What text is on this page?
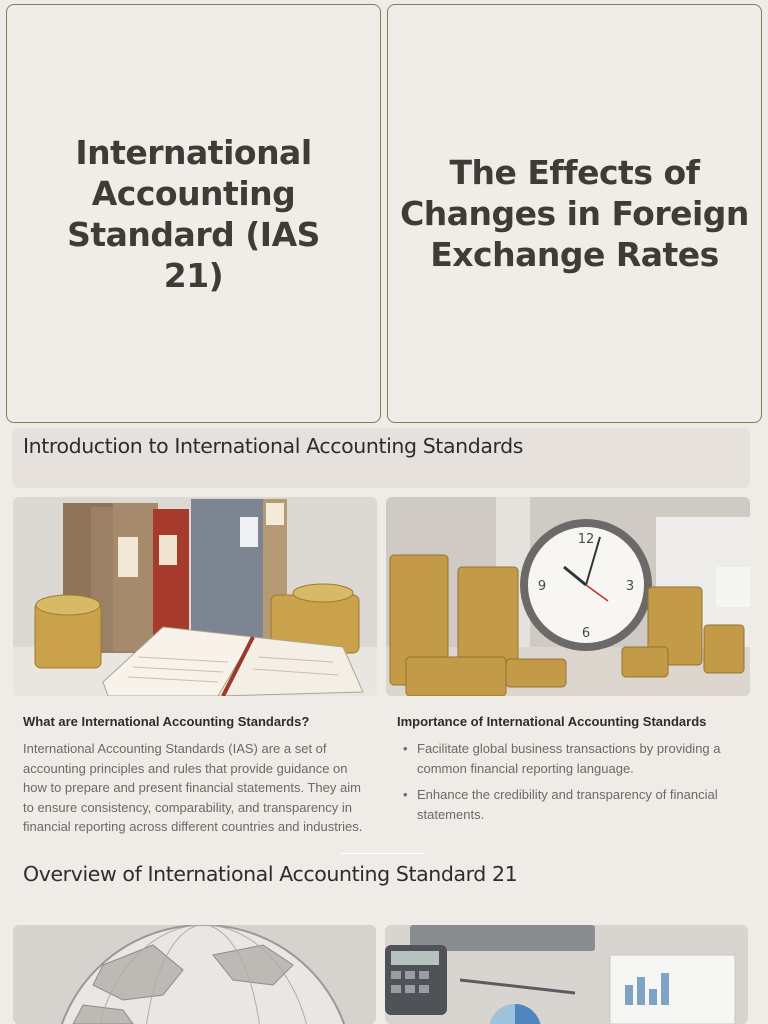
International Accounting Standard (IAS 21)
The Effects of Changes in Foreign Exchange Rates
Introduction to International Accounting Standards
12
3
6
9
What are International Accounting Standards?	Importance of International Accounting Standards
International Accounting Standards (IAS) are a set of accounting principles and rules that provide guidance on how to prepare and present financial statements. They aim to ensure consistency, comparability, and transparency in financial reporting across different countries and industries.
• Facilitate global business transactions by providing a common financial reporting language.
• Enhance the credibility and transparency of financial statements.
Overview of International Accounting Standard 21
